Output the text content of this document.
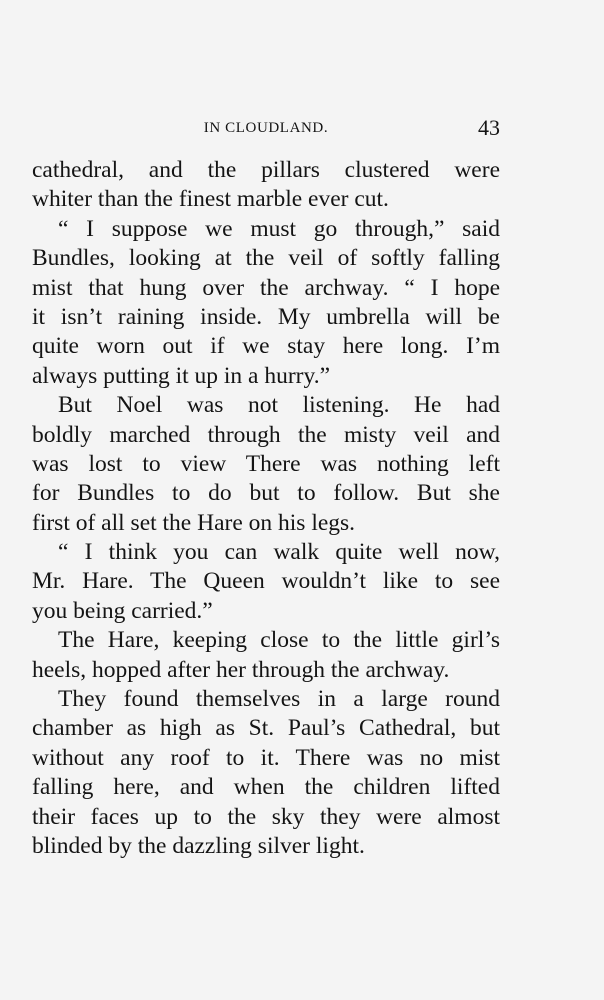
IN CLOUDLAND.	43
cathedral, and the pillars clustered were
whiter than the finest marble ever cut.
“ I suppose we must go through,” said
Bundles, looking at the veil of softly falling
mist that hung over the archway. “ I hope
it isn’t raining inside. My umbrella will be
quite worn out if we stay here long. I’m
always putting it up in a hurry.”
But Noel was not listening. He had
boldly marched through the misty veil and
was lost to view There was nothing left
for Bundles to do but to follow. But she
first of all set the Hare on his legs.
“ I think you can walk quite well now,
Mr. Hare. The Queen wouldn’t like to see
you being carried.”
The Hare, keeping close to the little girl’s
heels, hopped after her through the archway.
They found themselves in a large round
chamber as high as St. Paul’s Cathedral, but
without any roof to it. There was no mist
falling here, and when the children lifted
their faces up to the sky they were almost
blinded by the dazzling silver light.
